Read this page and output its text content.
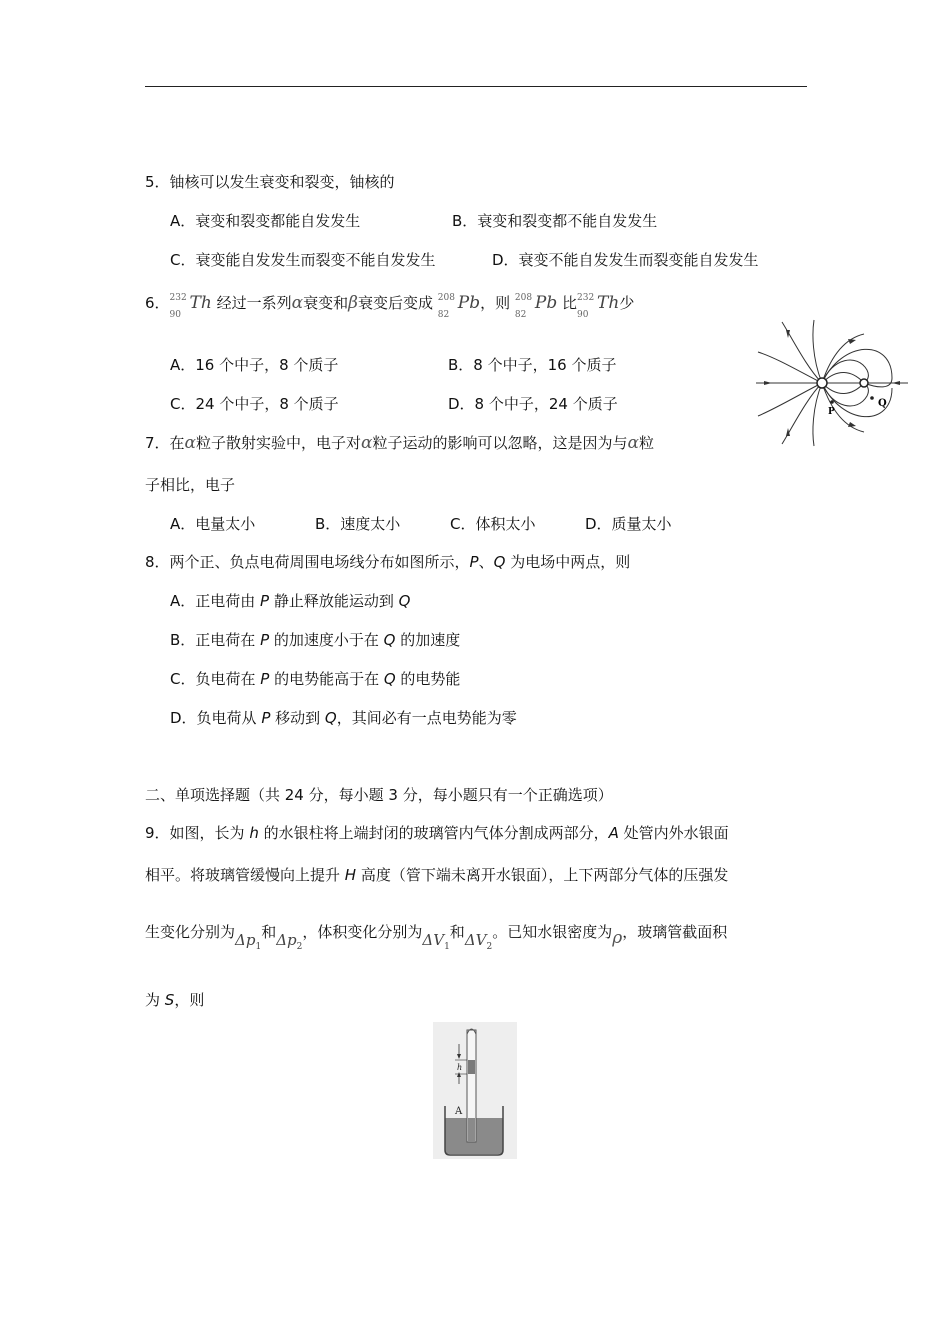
5．铀核可以发生衰变和裂变，铀核的
A．衰变和裂变都能自发发生	B．衰变和裂变都不能自发发生
C．衰变能自发发生而裂变不能自发发生	D．衰变不能自发发生而裂变能自发发生
6． 232
90
Th 经过一系列α衰变和β衰变后变成 208
82
Pb，则 208
82
Pb 比 232
90
Th少
A．16 个中子，8 个质子	B．8 个中子，16 个质子
C．24 个中子，8 个质子	D．8 个中子，24 个质子	P
Q
7．在α粒子散射实验中，电子对α粒子运动的影响可以忽略，这是因为与α粒
子相比，电子
A．电量太小	B．速度太小	C．体积太小	D．质量太小
8．两个正、负点电荷周围电场线分布如图所示，P、Q 为电场中两点，则
A．正电荷由 P 静止释放能运动到 Q
B．正电荷在 P 的加速度小于在 Q 的加速度
C．负电荷在 P 的电势能高于在 Q 的电势能
D．负电荷从 P 移动到 Q，其间必有一点电势能为零
二、单项选择题（共 24 分，每小题 3 分，每小题只有一个正确选项）
9．如图，长为 h 的水银柱将上端封闭的玻璃管内气体分割成两部分，A 处管内外水银面
相平。将玻璃管缓慢向上提升 H 高度（管下端未离开水银面），上下两部分气体的压强发
生变化分别为$\Delta p_1$和$\Delta p_2$，体积变化分别为$\Delta V_1$和$\Delta V_2$。已知水银密度为ρ，玻璃管截面积
为 S，则
h
A
